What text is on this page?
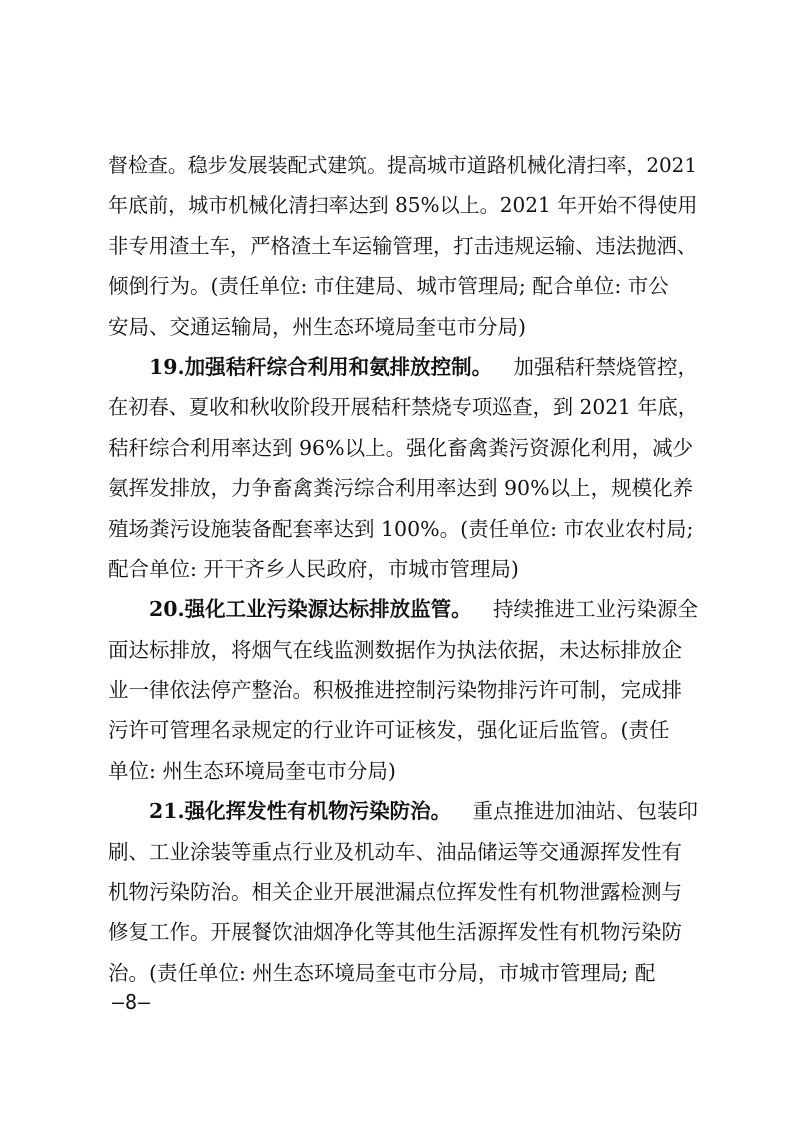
督检查。稳步发展装配式建筑。提高城市道路机械化清扫率，2021
年底前，城市机械化清扫率达到 85%以上。2021 年开始不得使用
非专用渣土车，严格渣土车运输管理，打击违规运输、违法抛洒、
倾倒行为。(责任单位: 市住建局、城市管理局; 配合单位: 市公
安局、交通运输局，州生态环境局奎屯市分局)
19.加强秸秆综合利用和氨排放控制。 加强秸秆禁烧管控，
在初春、夏收和秋收阶段开展秸秆禁烧专项巡查，到 2021 年底，
秸秆综合利用率达到 96%以上。强化畜禽粪污资源化利用，减少
氨挥发排放，力争畜禽粪污综合利用率达到 90%以上，规模化养
殖场粪污设施装备配套率达到 100%。(责任单位: 市农业农村局;
配合单位: 开干齐乡人民政府，市城市管理局)
20.强化工业污染源达标排放监管。 持续推进工业污染源全
面达标排放，将烟气在线监测数据作为执法依据，未达标排放企
业一律依法停产整治。积极推进控制污染物排污许可制，完成排
污许可管理名录规定的行业许可证核发，强化证后监管。(责任
单位: 州生态环境局奎屯市分局)
21.强化挥发性有机物污染防治。 重点推进加油站、包装印
刷、工业涂装等重点行业及机动车、油品储运等交通源挥发性有
机物污染防治。相关企业开展泄漏点位挥发性有机物泄露检测与
修复工作。开展餐饮油烟净化等其他生活源挥发性有机物污染防
治。(责任单位: 州生态环境局奎屯市分局，市城市管理局; 配
—8—
